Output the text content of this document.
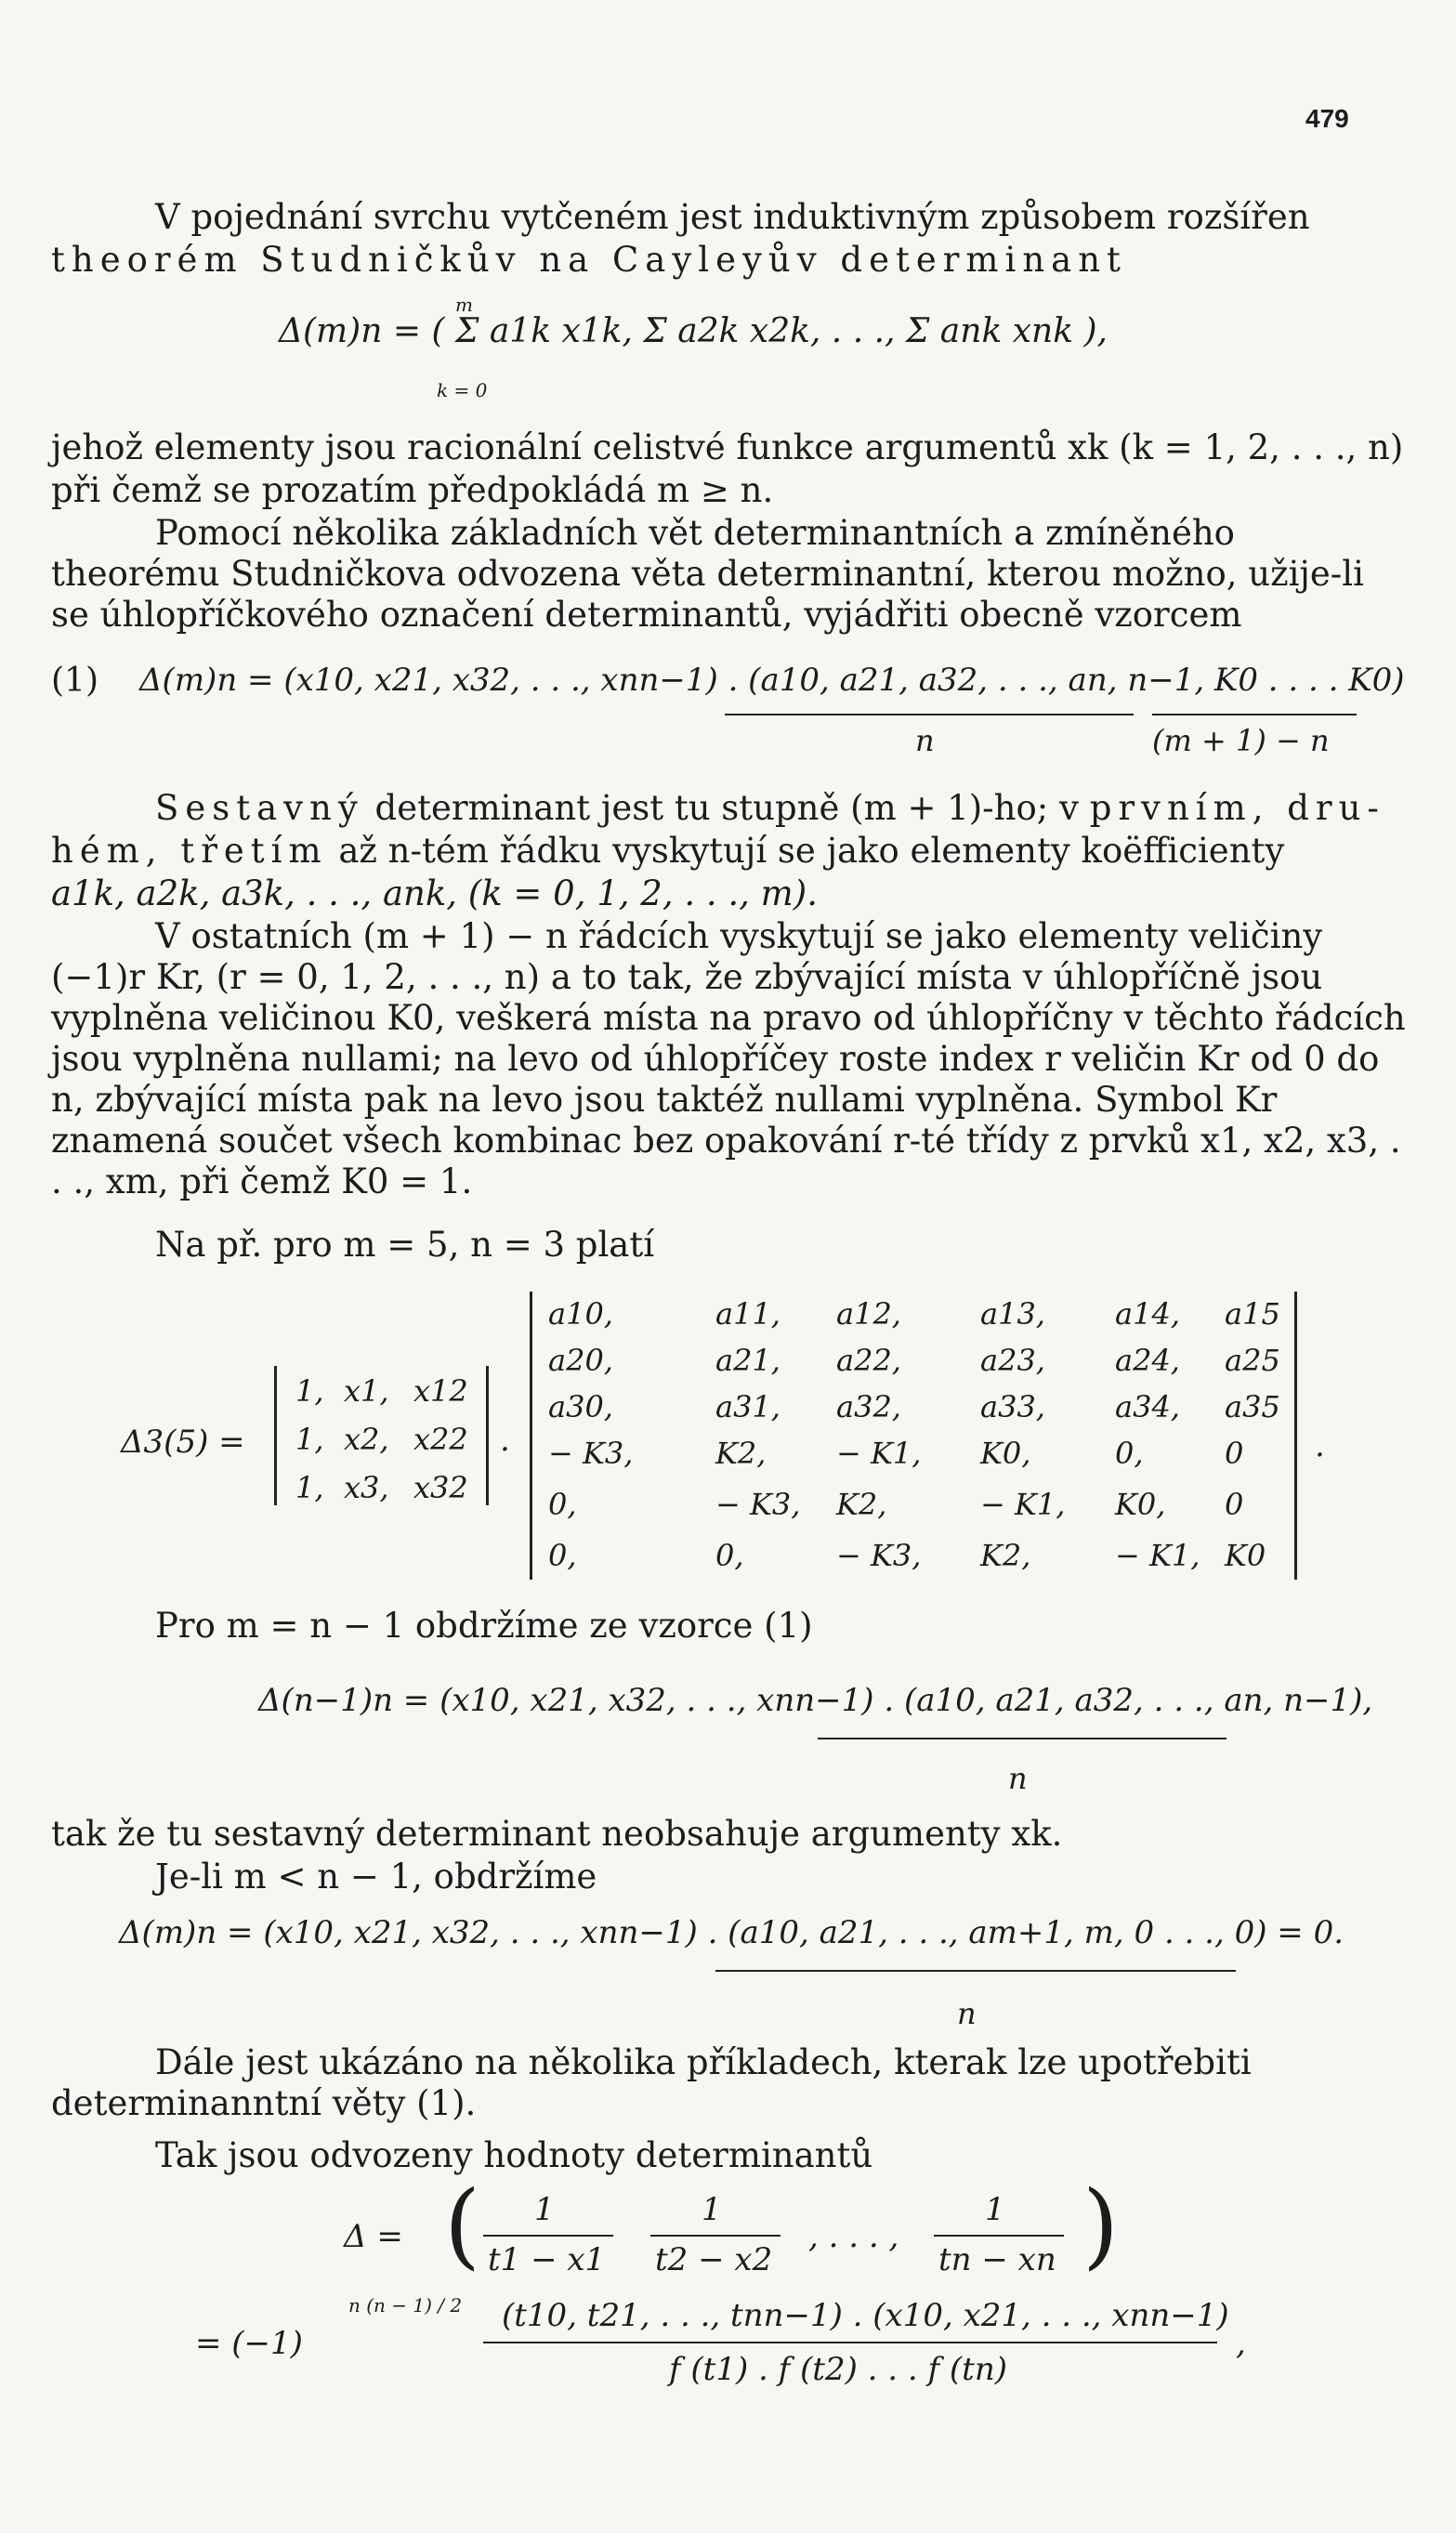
479
V pojednání svrchu vytčeném jest induktivným způsobem rozšířen
theorém Studničkův na Cayleyův determinant
Δ(m)n = ( Σ a1k x1k, Σ a2k x2k, . . ., Σ ank xnk ),
m
k = 0
jehož elementy jsou racionální celistvé funkce argumentů xk (k = 1, 2, . . ., n)
při čemž se prozatím předpokládá m ≥ n.
Pomocí několika základních vět determinantních a zmíněného theorému Studničkova odvozena věta determinantní, kterou možno, užije-li se úhlopříčkového označení determinantů, vyjádřiti obecně vzorcem
(1) Δ(m)n = (x10, x21, x32, . . ., xnn−1) . (a10, a21, a32, . . ., an, n−1, K0 . . . . K0)
n	(m + 1) − n
Sestavný determinant jest tu stupně (m + 1)-ho; v prvním, dru-
hém, třetím až n-tém řádku vyskytují se jako elementy koëfficienty
a1k, a2k, a3k, . . ., ank, (k = 0, 1, 2, . . ., m).
V ostatních (m + 1) − n řádcích vyskytují se jako elementy veličiny (−1)r Kr, (r = 0, 1, 2, . . ., n) a to tak, že zbývající místa v úhlopříčně jsou vyplněna veličinou K0, veškerá místa na pravo od úhlopříčny v těchto řádcích jsou vyplněna nullami; na levo od úhlopříčey roste index r veličin Kr od 0 do n, zbývající místa pak na levo jsou taktéž nullami vyplněna. Symbol Kr znamená součet všech kombinac bez opakování r-té třídy z prvků x1, x2, x3, . . ., xm, při čemž K0 = 1.
Na př. pro m = 5, n = 3 platí
Δ3(5) =
1, x1, x12
1, x2, x22
1, x3, x32
.
a10,	a11, a12,	a13, a14, a15
a20,	a21, a22,	a23, a24, a25
a30,	a31, a32,	a33, a34, a35
− K3,	K2, − K1, K0,	0,	0
0,	− K3, K2,	− K1, K0, 0
0,	0,	− K3, K2,	− K1, K0
.
Pro m = n − 1 obdržíme ze vzorce (1)
Δ(n−1)n = (x10, x21, x32, . . ., xnn−1) . (a10, a21, a32, . . ., an, n−1),
n
tak že tu sestavný determinant neobsahuje argumenty xk.
Je-li m < n − 1, obdržíme
Δ(m)n = (x10, x21, x32, . . ., xnn−1) . (a10, a21, . . ., am+1, m, 0 . . ., 0) = 0.
n
Dále jest ukázáno na několika příkladech, kterak lze upotřebiti determinanntní věty (1).
Tak jsou odvozeny hodnoty determinantů
Δ = ( 1
t1 − x1
1
t2 − x2
1
tn − xn
, . . . , )
= (−1)
n (n − 1) / 2 (t10, t21, . . ., tnn−1) . (x10, x21, . . ., xnn−1)
f (t1) . f (t2) . . . f (tn)
,
